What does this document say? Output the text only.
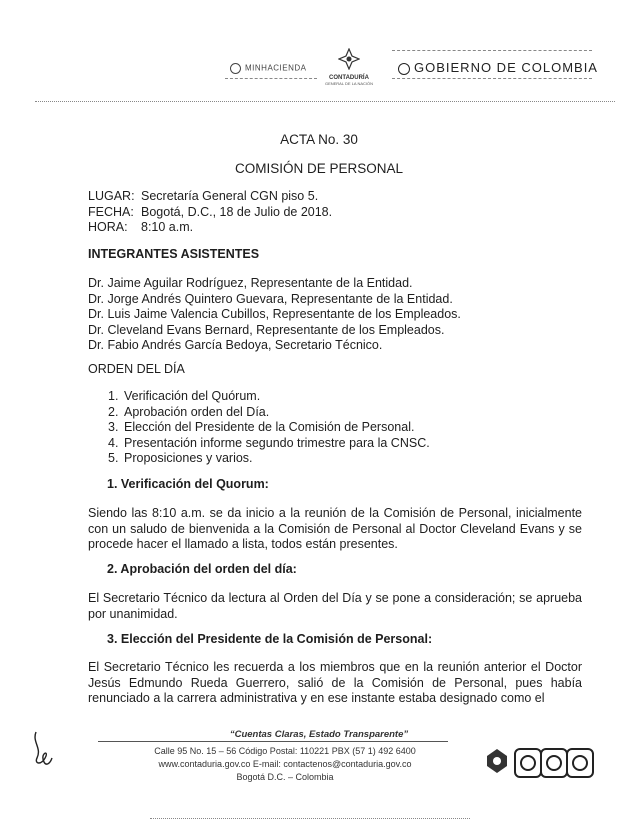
MINHACIENDA
CONTADURÍA
GENERAL DE LA NACIÓN
GOBIERNO DE COLOMBIA
ACTA No. 30
COMISIÓN DE PERSONAL
LUGAR: Secretaría General CGN piso 5.
FECHA: Bogotá, D.C., 18 de Julio de 2018.
HORA: 8:10 a.m.
INTEGRANTES ASISTENTES
Dr. Jaime Aguilar Rodríguez, Representante de la Entidad.
Dr. Jorge Andrés Quintero Guevara, Representante de la Entidad.
Dr. Luis Jaime Valencia Cubillos, Representante de los Empleados.
Dr. Cleveland Evans Bernard, Representante de los Empleados.
Dr. Fabio Andrés García Bedoya, Secretario Técnico.
ORDEN DEL DÍA
1. Verificación del Quórum.
2. Aprobación orden del Día.
3. Elección del Presidente de la Comisión de Personal.
4. Presentación informe segundo trimestre para la CNSC.
5. Proposiciones y varios.
1. Verificación del Quorum:
Siendo las 8:10 a.m. se da inicio a la reunión de la Comisión de Personal, inicialmente con un saludo de bienvenida a la Comisión de Personal al Doctor Cleveland Evans y se procede hacer el llamado a lista, todos están presentes.
2. Aprobación del orden del día:
El Secretario Técnico da lectura al Orden del Día y se pone a consideración; se aprueba por unanimidad.
3. Elección del Presidente de la Comisión de Personal:
El Secretario Técnico les recuerda a los miembros que en la reunión anterior el Doctor Jesús Edmundo Rueda Guerrero, salió de la Comisión de Personal, pues había renunciado a la carrera administrativa y en ese instante estaba designado como el
“Cuentas Claras, Estado Transparente”
Calle 95 No. 15 – 56 Código Postal: 110221 PBX (57 1) 492 6400
www.contaduria.gov.co E-mail: contactenos@contaduria.gov.co
Bogotá D.C. – Colombia
